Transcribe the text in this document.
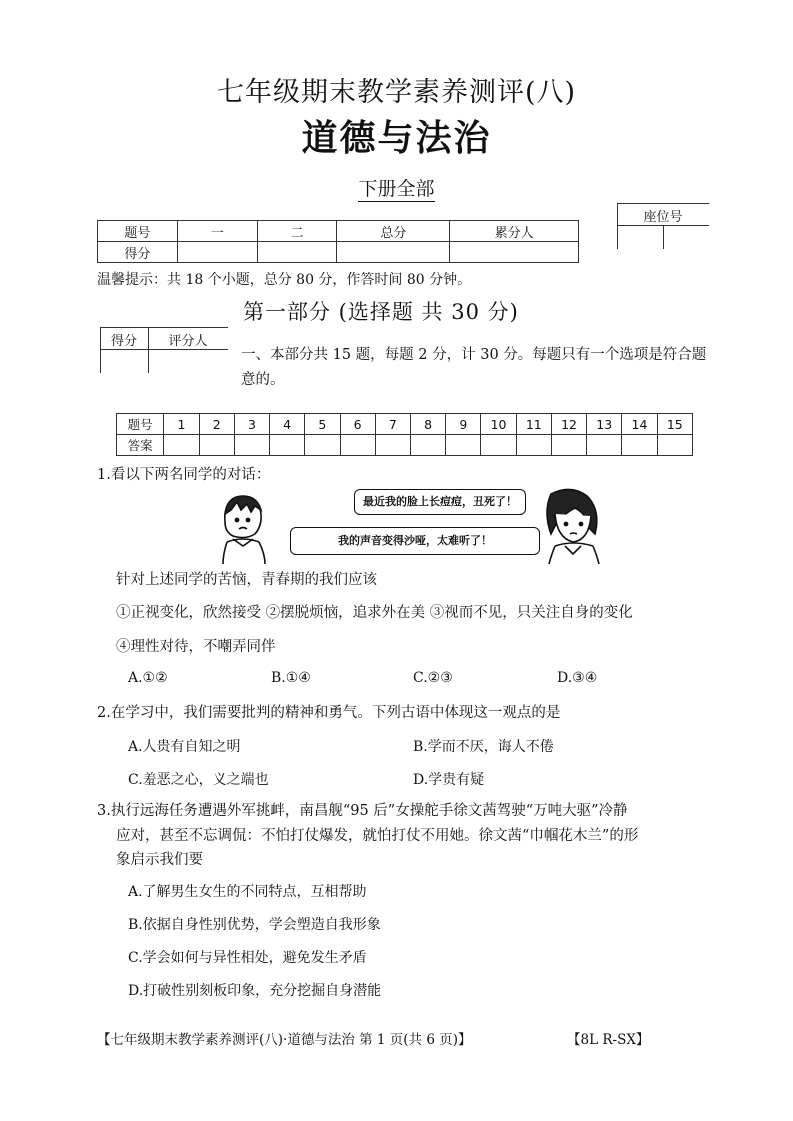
七年级期末教学素养测评(八)
道德与法治
下册全部
题号	一	二	总分	累分人
得分				
座位号
温馨提示：共 18 个小题，总分 80 分，作答时间 80 分钟。
第一部分 (选择题 共 30 分)
得分	评分人
一、本部分共 15 题，每题 2 分，计 30 分。每题只有一个选项是符合题意的。
题号	1	2	3	4	5	6	7	8	9	10	11	12	13	14	15
答案															
1.看以下两名同学的对话：
最近我的脸上长痘痘，丑死了！
我的声音变得沙哑，太难听了！
针对上述同学的苦恼，青春期的我们应该
①正视变化，欣然接受 ②摆脱烦恼，追求外在美 ③视而不见，只关注自身的变化
④理性对待，不嘲弄同伴
A.①②	B.①④	C.②③	D.③④
2.在学习中，我们需要批判的精神和勇气。下列古语中体现这一观点的是
A.人贵有自知之明	B.学而不厌，诲人不倦
C.羞恶之心，义之端也	D.学贵有疑
3.执行远海任务遭遇外军挑衅，南昌舰“95 后”女操舵手徐文茜驾驶“万吨大驱”冷静
应对，甚至不忘调侃：不怕打仗爆发，就怕打仗不用她。徐文茜“巾帼花木兰”的形
象启示我们要
A.了解男生女生的不同特点，互相帮助
B.依据自身性别优势，学会塑造自我形象
C.学会如何与异性相处，避免发生矛盾
D.打破性别刻板印象，充分挖掘自身潜能
【七年级期末教学素养测评(八)·道德与法治 第 1 页(共 6 页)】	【8L R-SX】
